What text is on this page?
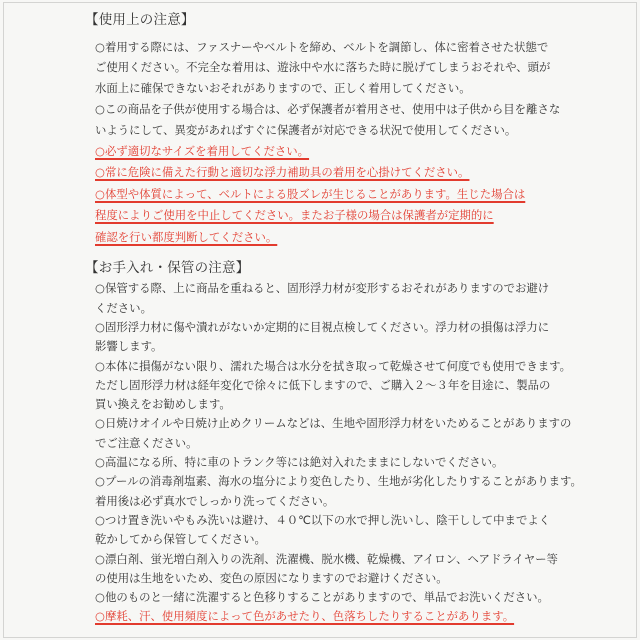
【使用上の注意】
○着用する際には、ファスナーやベルトを締め、ベルトを調節し、体に密着させた状態で
ご使用ください。不完全な着用は、遊泳中や水に落ちた時に脱げてしまうおそれや、頭が
水面上に確保できないおそれがありますので、正しく着用してください。
○この商品を子供が使用する場合は、必ず保護者が着用させ、使用中は子供から目を離さな
いようにして、異変があればすぐに保護者が対応できる状況で使用してください。
○必ず適切なサイズを着用してください。
○常に危険に備えた行動と適切な浮力補助具の着用を心掛けてください。
○体型や体質によって、ベルトによる股ズレが生じることがあります。生じた場合は
程度によりご使用を中止してください。またお子様の場合は保護者が定期的に
確認を行い都度判断してください。
【お手入れ・保管の注意】
○保管する際、上に商品を重ねると、固形浮力材が変形するおそれがありますのでお避け
ください。
○固形浮力材に傷や潰れがないか定期的に目視点検してください。浮力材の損傷は浮力に
影響します。
○本体に損傷がない限り、濡れた場合は水分を拭き取って乾燥させて何度でも使用できます。
ただし固形浮力材は経年変化で徐々に低下しますので、ご購入２～３年を目途に、製品の
買い換えをお勧めします。
○日焼けオイルや日焼け止めクリームなどは、生地や固形浮力材をいためることがありますの
でご注意ください。
○高温になる所、特に車のトランク等には絶対入れたままにしないでください。
○プールの消毒剤塩素、海水の塩分により変色したり、生地が劣化したりすることがあります。
着用後は必ず真水でしっかり洗ってください。
○つけ置き洗いやもみ洗いは避け、４０℃以下の水で押し洗いし、陰干しして中までよく
乾かしてから保管してください。
○漂白剤、蛍光増白剤入りの洗剤、洗濯機、脱水機、乾燥機、アイロン、ヘアドライヤー等
の使用は生地をいため、変色の原因になりますのでお避けください。
○他のものと一緒に洗濯すると色移りすることがありますので、単品でお洗いください。
○摩耗、汗、使用頻度によって色があせたり、色落ちしたりすることがあります。
